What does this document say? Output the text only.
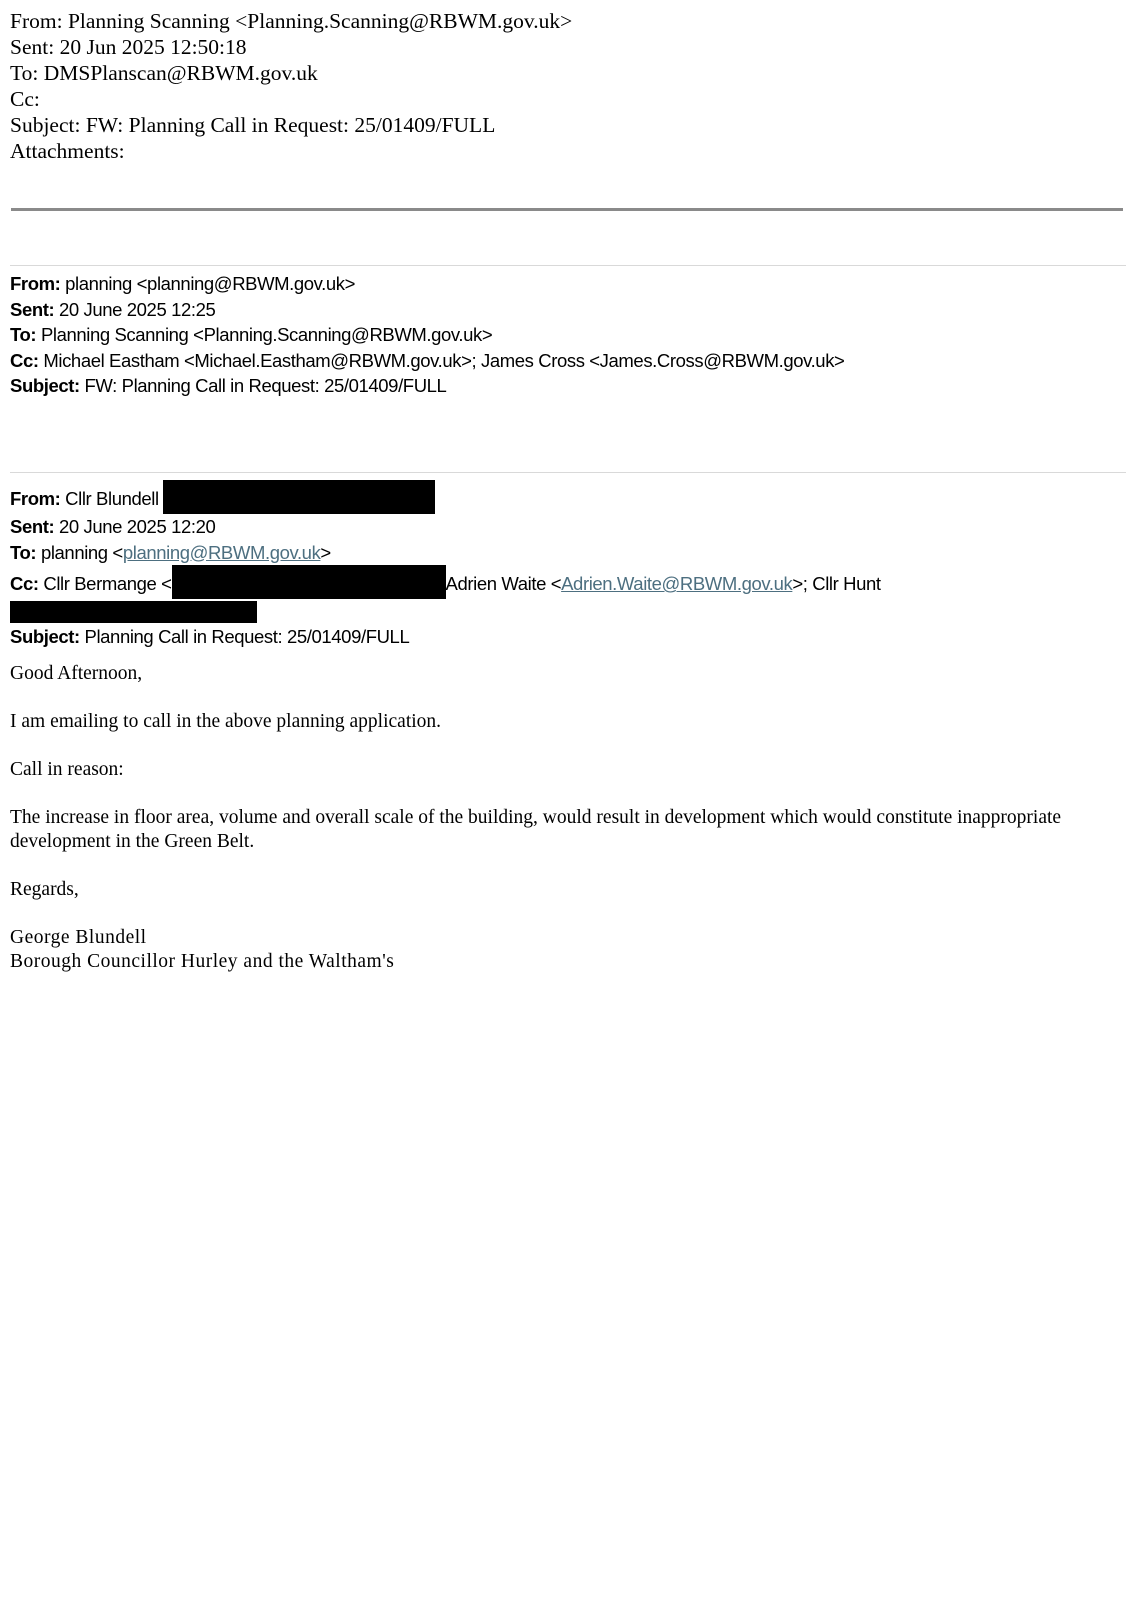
From: Planning Scanning <Planning.Scanning@RBWM.gov.uk>
Sent: 20 Jun 2025 12:50:18
To: DMSPlanscan@RBWM.gov.uk
Cc:
Subject: FW: Planning Call in Request: 25/01409/FULL
Attachments:
From: planning <planning@RBWM.gov.uk>
Sent: 20 June 2025 12:25
To: Planning Scanning <Planning.Scanning@RBWM.gov.uk>
Cc: Michael Eastham <Michael.Eastham@RBWM.gov.uk>; James Cross <James.Cross@RBWM.gov.uk>
Subject: FW: Planning Call in Request: 25/01409/FULL
From: Cllr Blundell
Sent: 20 June 2025 12:20
To: planning <planning@RBWM.gov.uk>
Cc: Cllr Bermange <	Adrien Waite <Adrien.Waite@RBWM.gov.uk>; Cllr Hunt
Subject: Planning Call in Request: 25/01409/FULL

Good Afternoon,

I am emailing to call in the above planning application.

Call in reason:

The increase in floor area, volume and overall scale of the building, would result in development which would constitute inappropriate development in the Green Belt.

Regards,

George Blundell
Borough Councillor Hurley and the Waltham's
